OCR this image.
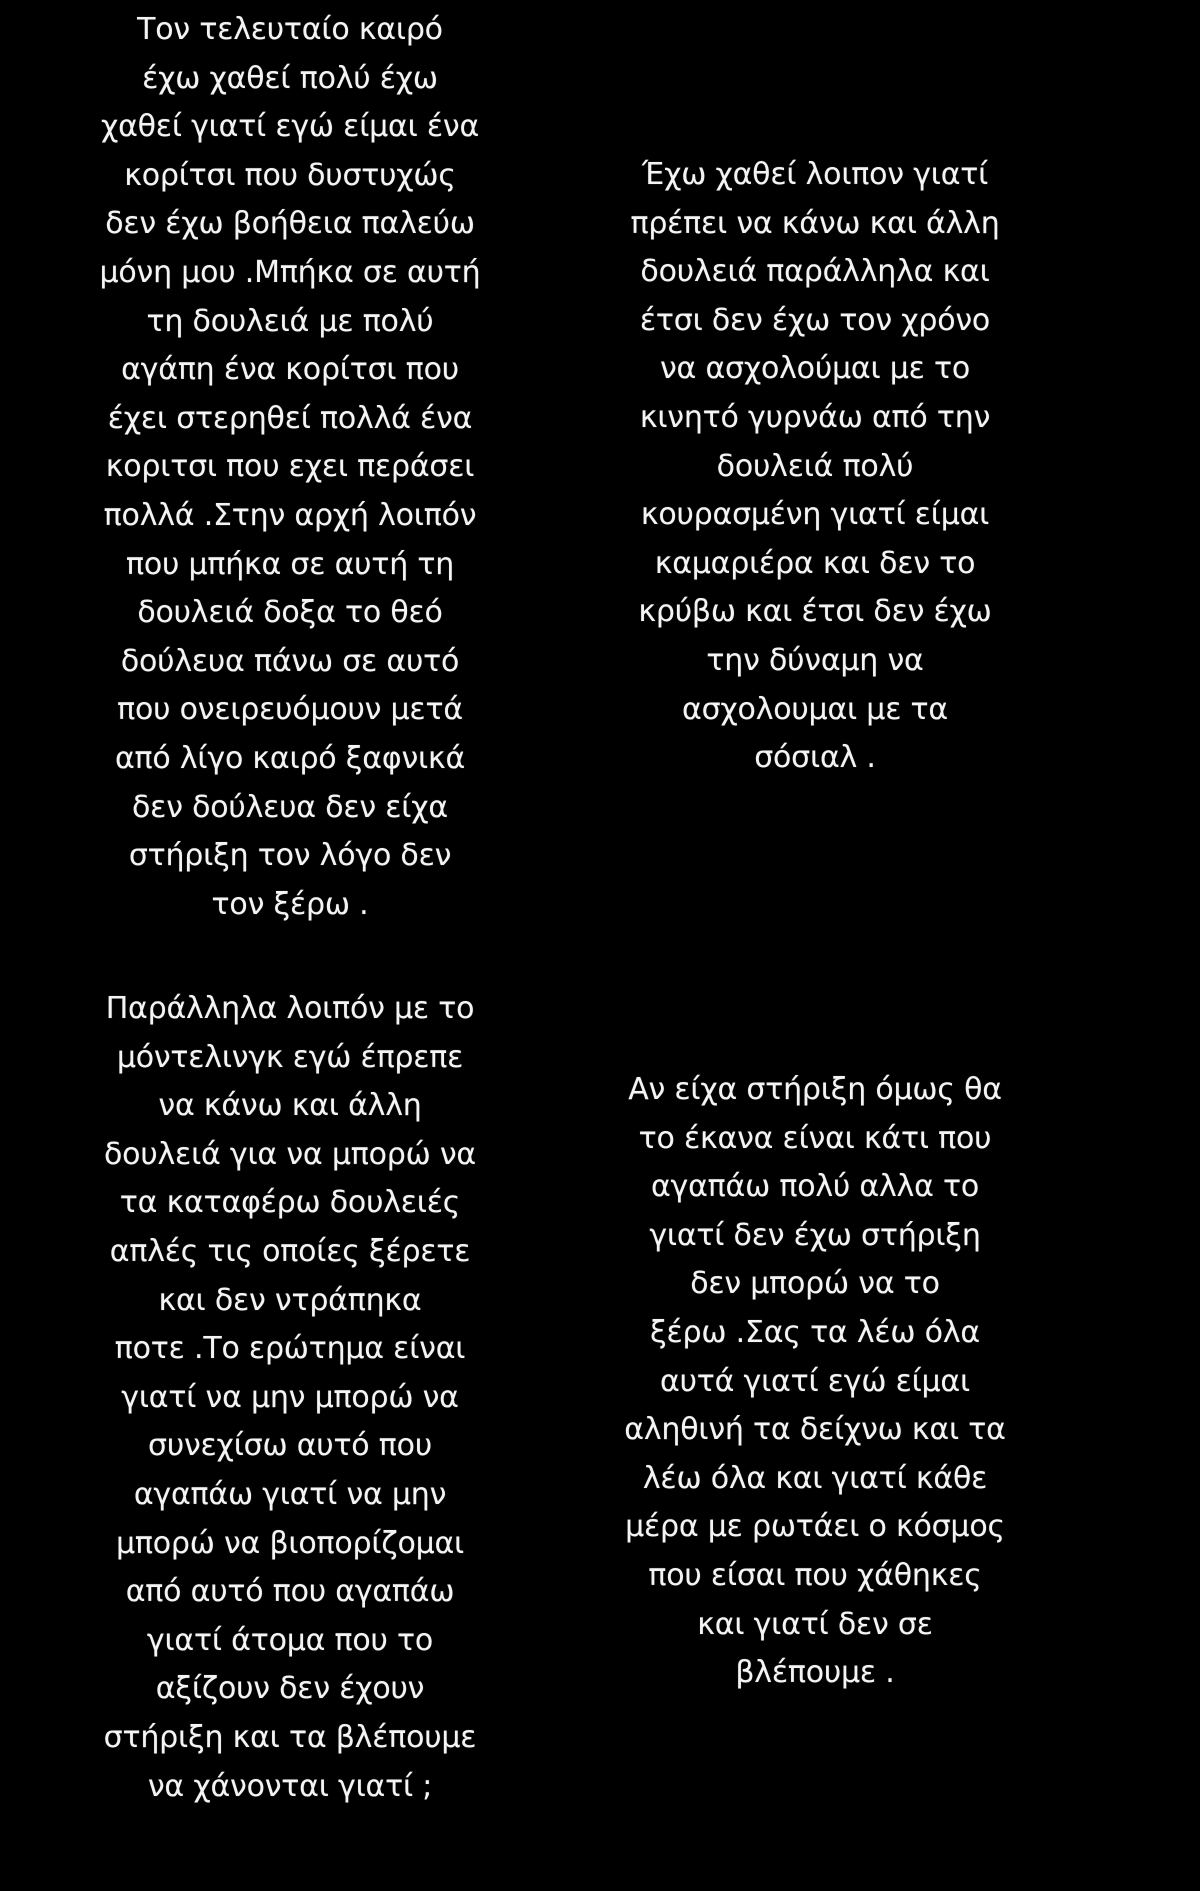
Τον τελευταίο καιρό
έχω χαθεί πολύ έχω
χαθεί γιατί εγώ είμαι ένα
κορίτσι που δυστυχώς
δεν έχω βοήθεια παλεύω
μόνη μου .Μπήκα σε αυτή
τη δουλειά με πολύ
αγάπη ένα κορίτσι που
έχει στερηθεί πολλά ένα
κοριτσι που εχει περάσει
πολλά .Στην αρχή λοιπόν
που μπήκα σε αυτή τη
δουλειά δοξα το θεό
δούλευα πάνω σε αυτό
που ονειρευόμουν μετά
από λίγο καιρό ξαφνικά
δεν δούλευα δεν είχα
στήριξη τον λόγο δεν
τον ξέρω .
Έχω χαθεί λοιπον γιατί
πρέπει να κάνω και άλλη
δουλειά παράλληλα και
έτσι δεν έχω τον χρόνο
να ασχολούμαι με το
κινητό γυρνάω από την
δουλειά πολύ
κουρασμένη γιατί είμαι
καμαριέρα και δεν το
κρύβω και έτσι δεν έχω
την δύναμη να
ασχολουμαι με τα
σόσιαλ .
Παράλληλα λοιπόν με το
μόντελινγκ εγώ έπρεπε
να κάνω και άλλη
δουλειά για να μπορώ να
τα καταφέρω δουλειές
απλές τις οποίες ξέρετε
και δεν ντράπηκα
ποτε .Το ερώτημα είναι
γιατί να μην μπορώ να
συνεχίσω αυτό που
αγαπάω γιατί να μην
μπορώ να βιοπορίζομαι
από αυτό που αγαπάω
γιατί άτομα που το
αξίζουν δεν έχουν
στήριξη και τα βλέπουμε
να χάνονται γιατί ;
Αν είχα στήριξη όμως θα
το έκανα είναι κάτι που
αγαπάω πολύ αλλα το
γιατί δεν έχω στήριξη
δεν μπορώ να το
ξέρω .Σας τα λέω όλα
αυτά γιατί εγώ είμαι
αληθινή τα δείχνω και τα
λέω όλα και γιατί κάθε
μέρα με ρωτάει ο κόσμος
που είσαι που χάθηκες
και γιατί δεν σε
βλέπουμε .
